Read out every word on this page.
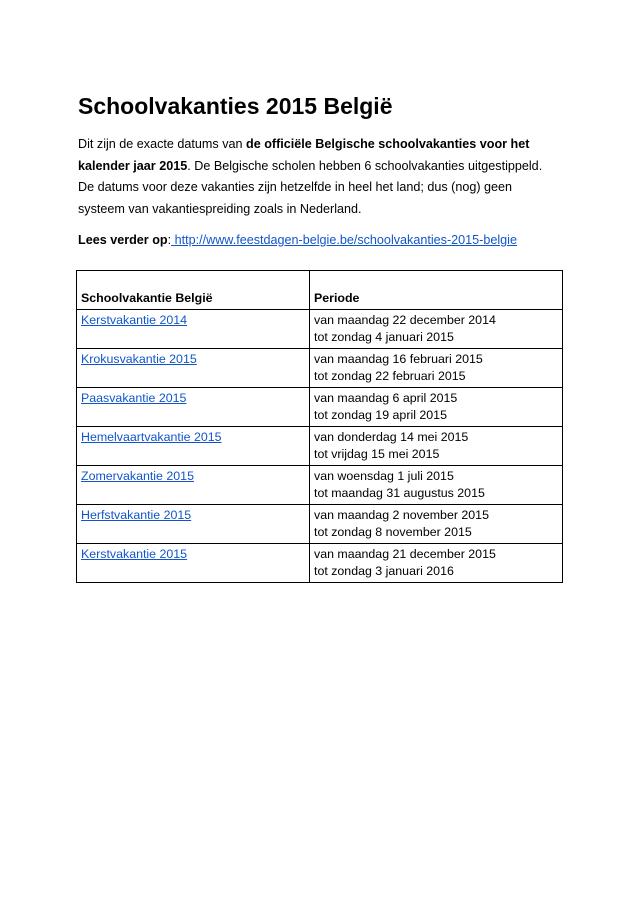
Schoolvakanties 2015 België

Dit zijn de exacte datums van de officiële Belgische schoolvakanties voor het kalender jaar 2015. De Belgische scholen hebben 6 schoolvakanties uitgestippeld. De datums voor deze vakanties zijn hetzelfde in heel het land; dus (nog) geen systeem van vakantiespreiding zoals in Nederland.

Lees verder op: http://www.feestdagen-belgie.be/schoolvakanties-2015-belgie

Schoolvakantie België	Periode
Kerstvakantie 2014	van maandag 22 december 2014
tot zondag 4 januari 2015

Krokusvakantie 2015	van maandag 16 februari 2015
tot zondag 22 februari 2015

Paasvakantie 2015	van maandag 6 april 2015
tot zondag 19 april 2015

Hemelvaartvakantie 2015	van donderdag 14 mei 2015
tot vrijdag 15 mei 2015

Zomervakantie 2015	van woensdag 1 juli 2015
tot maandag 31 augustus 2015

Herfstvakantie 2015	van maandag 2 november 2015
tot zondag 8 november 2015

Kerstvakantie 2015	van maandag 21 december 2015
tot zondag 3 januari 2016
